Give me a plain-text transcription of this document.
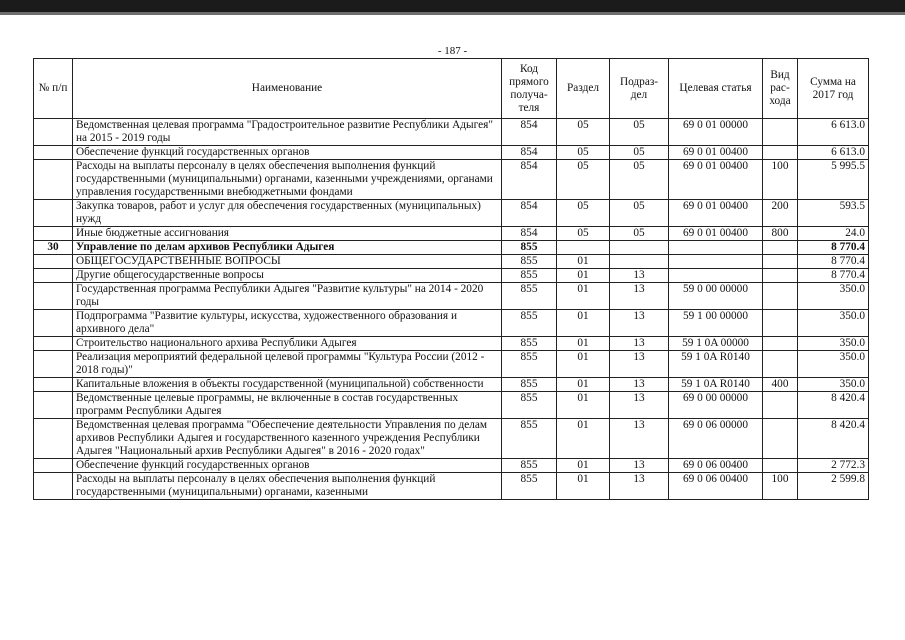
- 187 -
№ п/п	Наименование	Код прямого получа-теля	Раздел	Подраз-дел	Целевая статья	Вид рас-хода	Сумма на 2017 год
	Ведомственная целевая программа "Градостроительное развитие Республики Адыгея" на 2015 - 2019 годы	854	05	05	69 0 01 00000		6 613.0
	Обеспечение функций государственных органов	854	05	05	69 0 01 00400		6 613.0
	Расходы на выплаты персоналу в целях обеспечения выполнения функций государственными (муниципальными) органами, казенными учреждениями, органами управления государственными внебюджетными фондами	854	05	05	69 0 01 00400	100	5 995.5
	Закупка товаров, работ и услуг для обеспечения государственных (муниципальных) нужд	854	05	05	69 0 01 00400	200	593.5
	Иные бюджетные ассигнования	854	05	05	69 0 01 00400	800	24.0
30	Управление по делам архивов Республики Адыгея	855					8 770.4
	ОБЩЕГОСУДАРСТВЕННЫЕ ВОПРОСЫ	855	01				8 770.4
	Другие общегосударственные вопросы	855	01	13			8 770.4
	Государственная программа Республики Адыгея "Развитие культуры" на 2014 - 2020 годы	855	01	13	59 0 00 00000		350.0
	Подпрограмма "Развитие культуры, искусства, художественного образования и архивного дела"	855	01	13	59 1 00 00000		350.0
	Строительство национального архива Республики Адыгея	855	01	13	59 1 0A 00000		350.0
	Реализация мероприятий федеральной целевой программы "Культура России (2012 - 2018 годы)"	855	01	13	59 1 0A R0140		350.0
	Капитальные вложения в объекты государственной (муниципальной) собственности	855	01	13	59 1 0A R0140	400	350.0
	Ведомственные целевые программы, не включенные в состав государственных программ Республики Адыгея	855	01	13	69 0 00 00000		8 420.4
	Ведомственная целевая программа "Обеспечение деятельности Управления по делам архивов Республики Адыгея и государственного казенного учреждения Республики Адыгея "Национальный архив Республики Адыгея" в 2016 - 2020 годах"	855	01	13	69 0 06 00000		8 420.4
	Обеспечение функций государственных органов	855	01	13	69 0 06 00400		2 772.3
	Расходы на выплаты персоналу в целях обеспечения выполнения функций государственными (муниципальными) органами, казенными	855	01	13	69 0 06 00400	100	2 599.8
